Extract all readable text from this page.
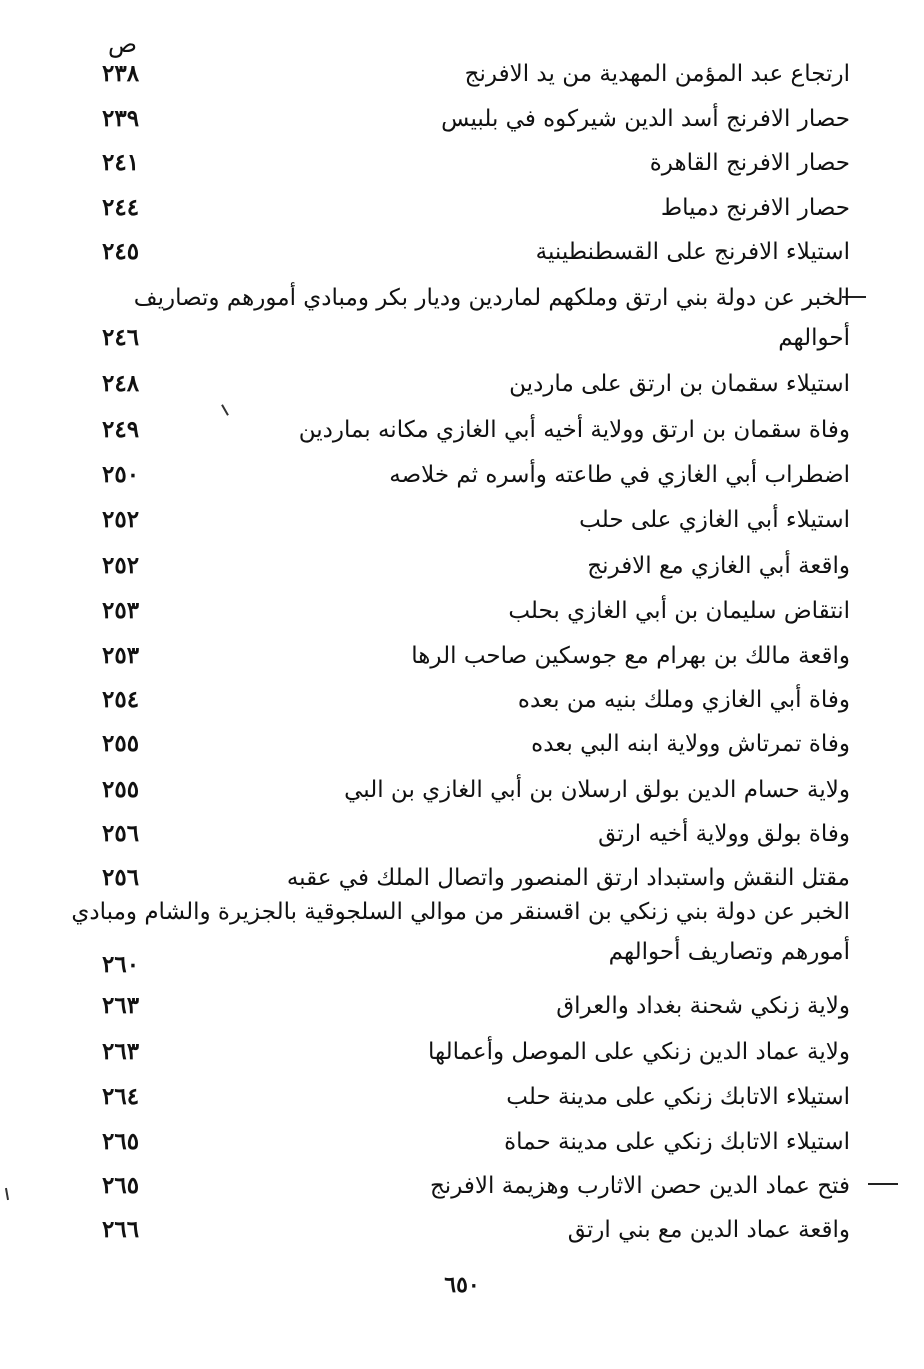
ص
ارتجاع عبد المؤمن المهدية من يد الافرنج
٢٣٨
حصار الافرنج أسد الدين شيركوه في بلبيس
٢٣٩
حصار الافرنج القاهرة
٢٤١
حصار الافرنج دمياط
٢٤٤
استيلاء الافرنج على القسطنطينية
٢٤٥
الخبر عن دولة بني ارتق وملكهم لماردين وديار بكر ومبادي أمورهم وتصاريف
أحوالهم
٢٤٦
استيلاء سقمان بن ارتق على ماردين
٢٤٨
وفاة سقمان بن ارتق وولاية أخيه أبي الغازي مكانه بماردين
٢٤٩
اضطراب أبي الغازي في طاعته وأسره ثم خلاصه
٢٥٠
استيلاء أبي الغازي على حلب
٢٥٢
واقعة أبي الغازي مع الافرنج
٢٥٢
انتقاض سليمان بن أبي الغازي بحلب
٢٥٣
واقعة مالك بن بهرام مع جوسكين صاحب الرها
٢٥٣
وفاة أبي الغازي وملك بنيه من بعده
٢٥٤
وفاة تمرتاش وولاية ابنه البي بعده
٢٥٥
ولاية حسام الدين بولق ارسلان بن أبي الغازي بن البي
٢٥٥
وفاة بولق وولاية أخيه ارتق
٢٥٦
مقتل النقش واستبداد ارتق المنصور واتصال الملك في عقبه
٢٥٦
الخبر عن دولة بني زنكي بن اقسنقر من موالي السلجوقية بالجزيرة والشام ومبادي
أمورهم وتصاريف أحوالهم
٢٦٠
ولاية زنكي شحنة بغداد والعراق
٢٦٣
ولاية عماد الدين زنكي على الموصل وأعمالها
٢٦٣
استيلاء الاتابك زنكي على مدينة حلب
٢٦٤
استيلاء الاتابك زنكي على مدينة حماة
٢٦٥
فتح عماد الدين حصن الاثارب وهزيمة الافرنج
٢٦٥
واقعة عماد الدين مع بني ارتق
٢٦٦
٦٥٠
